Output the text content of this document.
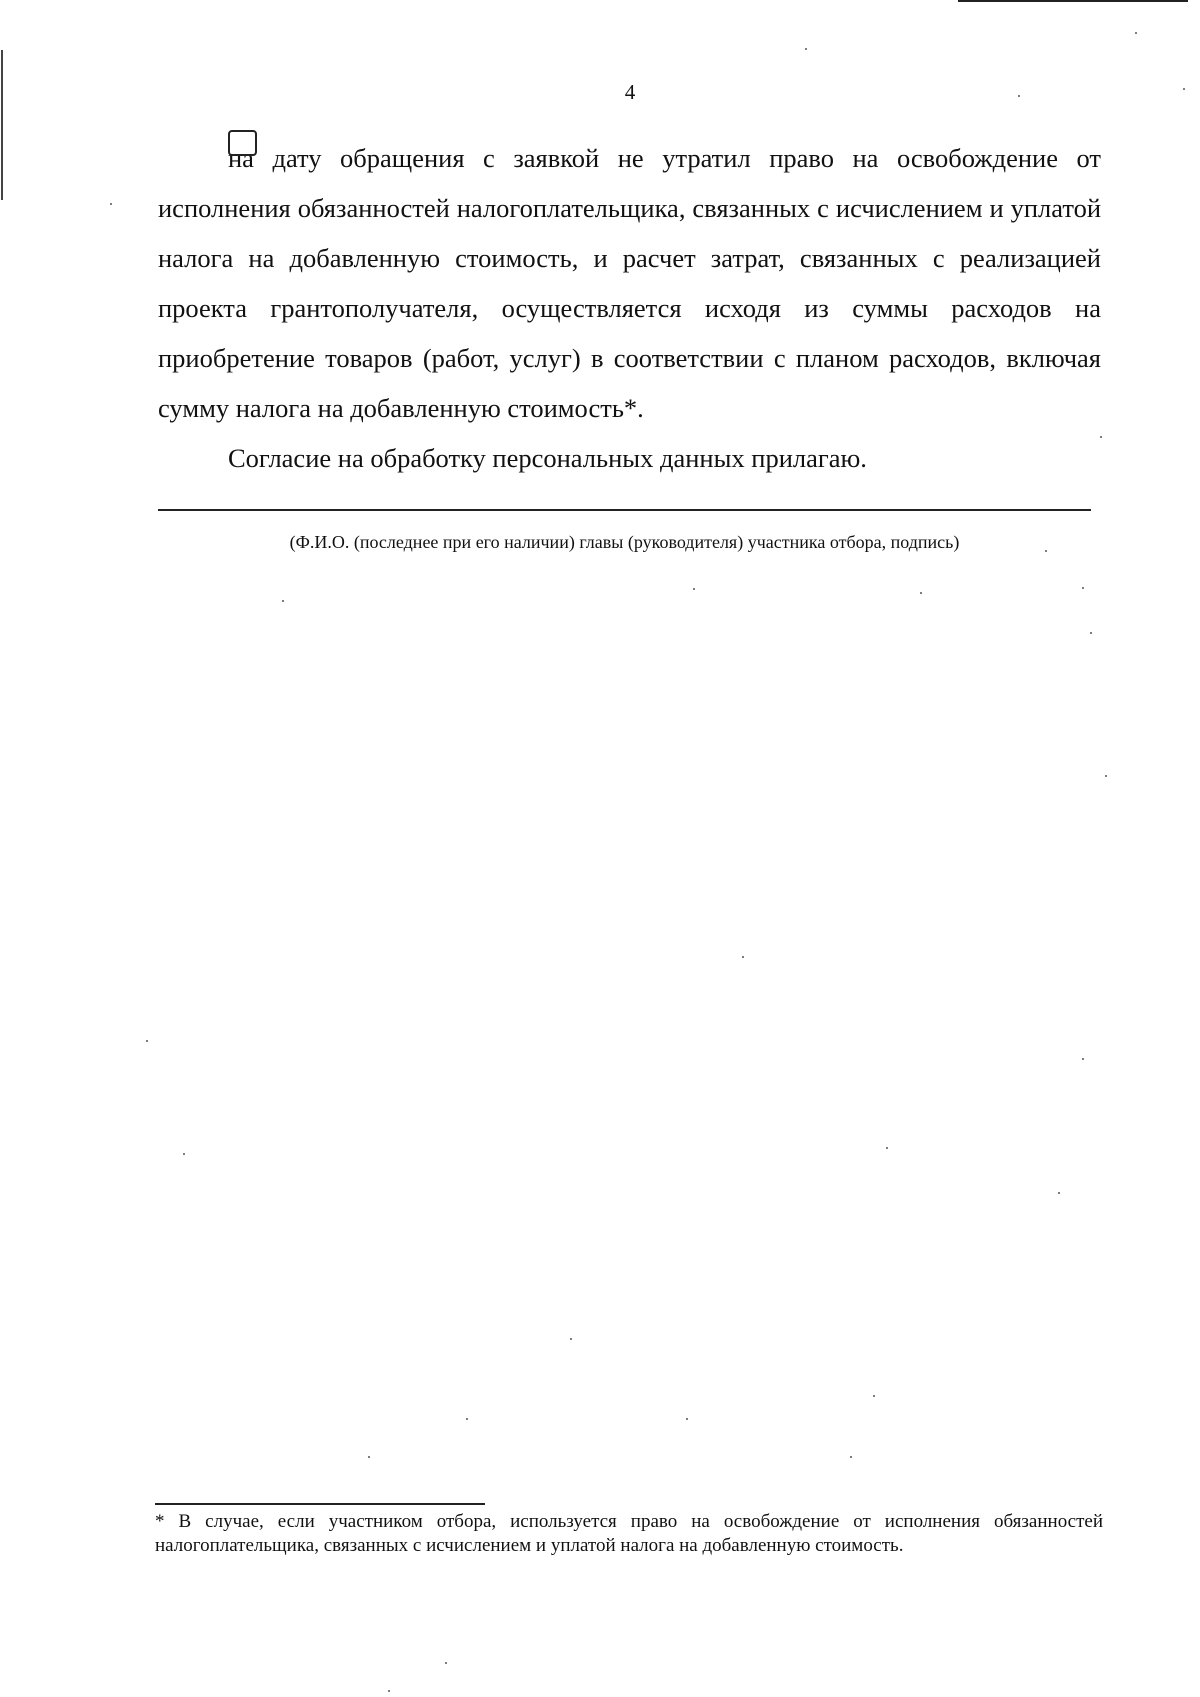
4

на дату обращения с заявкой не утратил право на освобождение от исполнения обязанностей налогоплательщика, связанных с исчислением и уплатой налога на добавленную стоимость, и расчет затрат, связанных с реализацией проекта грантополучателя, осуществляется исходя из суммы расходов на приобретение товаров (работ, услуг) в соответствии с планом расходов, включая сумму налога на добавленную стоимость*.

Согласие на обработку персональных данных прилагаю.

(Ф.И.О. (последнее при его наличии) главы (руководителя) участника отбора, подпись)
* В случае, если участником отбора, используется право на освобождение от исполнения обязанностей налогоплательщика, связанных с исчислением и уплатой налога на добавленную стоимость.
